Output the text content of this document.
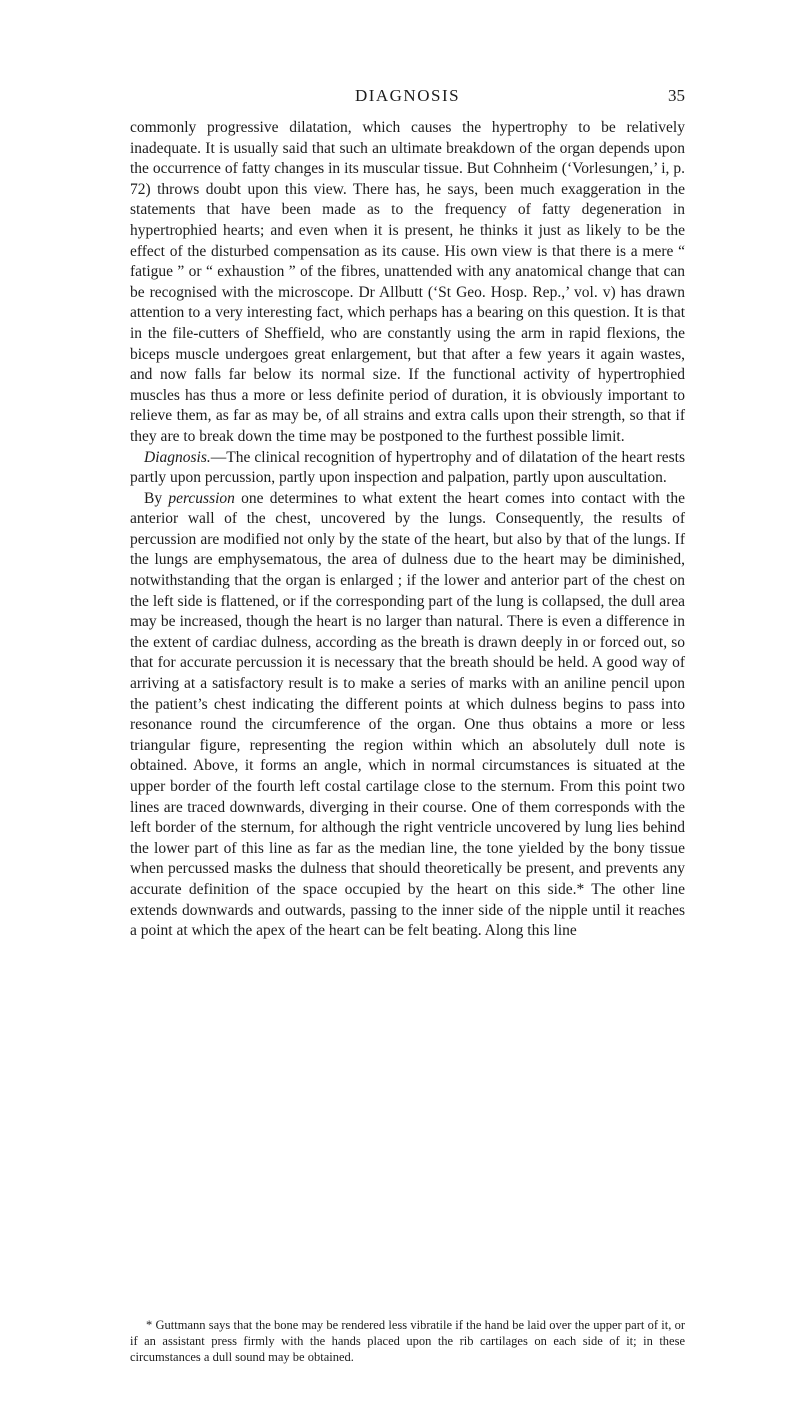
DIAGNOSIS	35

commonly progressive dilatation, which causes the hypertrophy to be relatively inadequate. It is usually said that such an ultimate breakdown of the organ depends upon the occurrence of fatty changes in its muscular tissue. But Cohnheim (‘Vorlesungen,’ i, p. 72) throws doubt upon this view. There has, he says, been much exaggeration in the statements that have been made as to the frequency of fatty degeneration in hypertrophied hearts; and even when it is present, he thinks it just as likely to be the effect of the disturbed compensation as its cause. His own view is that there is a mere “ fatigue ” or “ exhaustion ” of the fibres, unattended with any anatomical change that can be recognised with the microscope. Dr Allbutt (‘St Geo. Hosp. Rep.,’ vol. v) has drawn attention to a very interesting fact, which perhaps has a bearing on this question. It is that in the file-cutters of Sheffield, who are constantly using the arm in rapid flexions, the biceps muscle undergoes great enlargement, but that after a few years it again wastes, and now falls far below its normal size. If the functional activity of hypertrophied muscles has thus a more or less definite period of duration, it is obviously important to relieve them, as far as may be, of all strains and extra calls upon their strength, so that if they are to break down the time may be postponed to the furthest possible limit.

Diagnosis.—The clinical recognition of hypertrophy and of dilatation of the heart rests partly upon percussion, partly upon inspection and palpation, partly upon auscultation.

By percussion one determines to what extent the heart comes into contact with the anterior wall of the chest, uncovered by the lungs. Consequently, the results of percussion are modified not only by the state of the heart, but also by that of the lungs. If the lungs are emphysematous, the area of dulness due to the heart may be diminished, notwithstanding that the organ is enlarged ; if the lower and anterior part of the chest on the left side is flattened, or if the corresponding part of the lung is collapsed, the dull area may be increased, though the heart is no larger than natural. There is even a difference in the extent of cardiac dulness, according as the breath is drawn deeply in or forced out, so that for accurate percussion it is necessary that the breath should be held. A good way of arriving at a satisfactory result is to make a series of marks with an aniline pencil upon the patient’s chest indicating the different points at which dulness begins to pass into resonance round the circumference of the organ. One thus obtains a more or less triangular figure, representing the region within which an absolutely dull note is obtained. Above, it forms an angle, which in normal circumstances is situated at the upper border of the fourth left costal cartilage close to the sternum. From this point two lines are traced downwards, diverging in their course. One of them corresponds with the left border of the sternum, for although the right ventricle uncovered by lung lies behind the lower part of this line as far as the median line, the tone yielded by the bony tissue when percussed masks the dulness that should theoretically be present, and prevents any accurate definition of the space occupied by the heart on this side.* The other line extends downwards and outwards, passing to the inner side of the nipple until it reaches a point at which the apex of the heart can be felt beating. Along this line

* Guttmann says that the bone may be rendered less vibratile if the hand be laid over the upper part of it, or if an assistant press firmly with the hands placed upon the rib cartilages on each side of it; in these circumstances a dull sound may be obtained.
